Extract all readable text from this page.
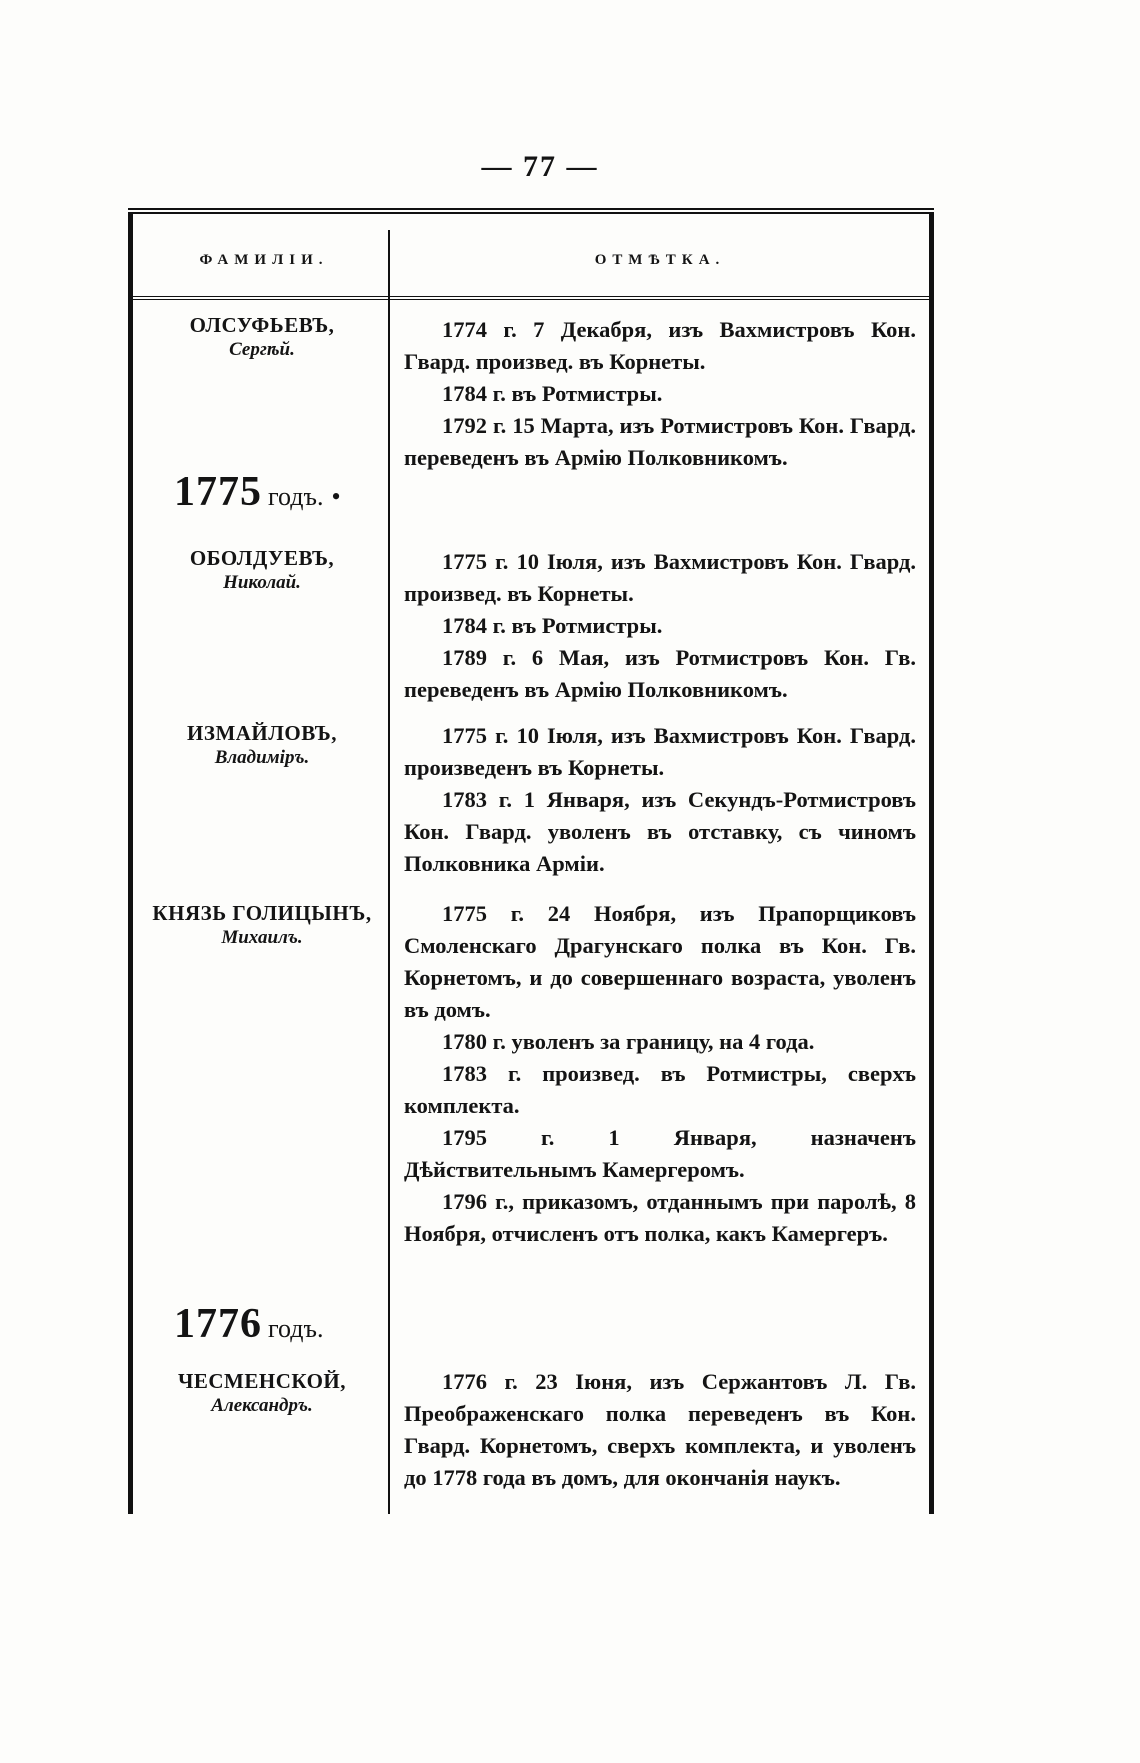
— 77 —
ФАМИЛІИ.	ОТМѢТКА.
ОЛСУФЬЕВЪ,
Сергѣй.
1775 годъ. •
ОБОЛДУЕВЪ,
Николай.
ИЗМАЙЛОВЪ,
Владиміръ.
КНЯЗЬ ГОЛИЦЫНЪ,
Михаилъ.
1776 годъ.
ЧЕСМЕНСКОЙ,
Александръ.

1774 г. 7 Декабря, изъ Вахмистровъ Кон. Гвард. произвед. въ Корнеты.

1784 г. въ Ротмистры.

1792 г. 15 Марта, изъ Ротмистровъ Кон. Гвард. переведенъ въ Армію Полковникомъ.

1775 г. 10 Іюля, изъ Вахмистровъ Кон. Гвард. произвед. въ Корнеты.

1784 г. въ Ротмистры.

1789 г. 6 Мая, изъ Ротмистровъ Кон. Гв. переведенъ въ Армію Полковникомъ.

1775 г. 10 Іюля, изъ Вахмистровъ Кон. Гвард. произведенъ въ Корнеты.

1783 г. 1 Января, изъ Секундъ-Ротмистровъ Кон. Гвард. уволенъ въ отставку, съ чиномъ Полковника Арміи.

1775 г. 24 Ноября, изъ Прапорщиковъ Смоленскаго Драгунскаго полка въ Кон. Гв. Корнетомъ, и до совершеннаго возраста, уволенъ въ домъ.

1780 г. уволенъ за границу, на 4 года.

1783 г. произвед. въ Ротмистры, сверхъ комплекта.

1795 г. 1 Января, назначенъ Дѣйствительнымъ Камергеромъ.

1796 г., приказомъ, отданнымъ при паролѣ, 8 Ноября, отчисленъ отъ полка, какъ Камергеръ.

1776 г. 23 Іюня, изъ Сержантовъ Л. Гв. Преображенскаго полка переведенъ въ Кон. Гвард. Корнетомъ, сверхъ комплекта, и уволенъ до 1778 года въ домъ, для окончанія наукъ.
